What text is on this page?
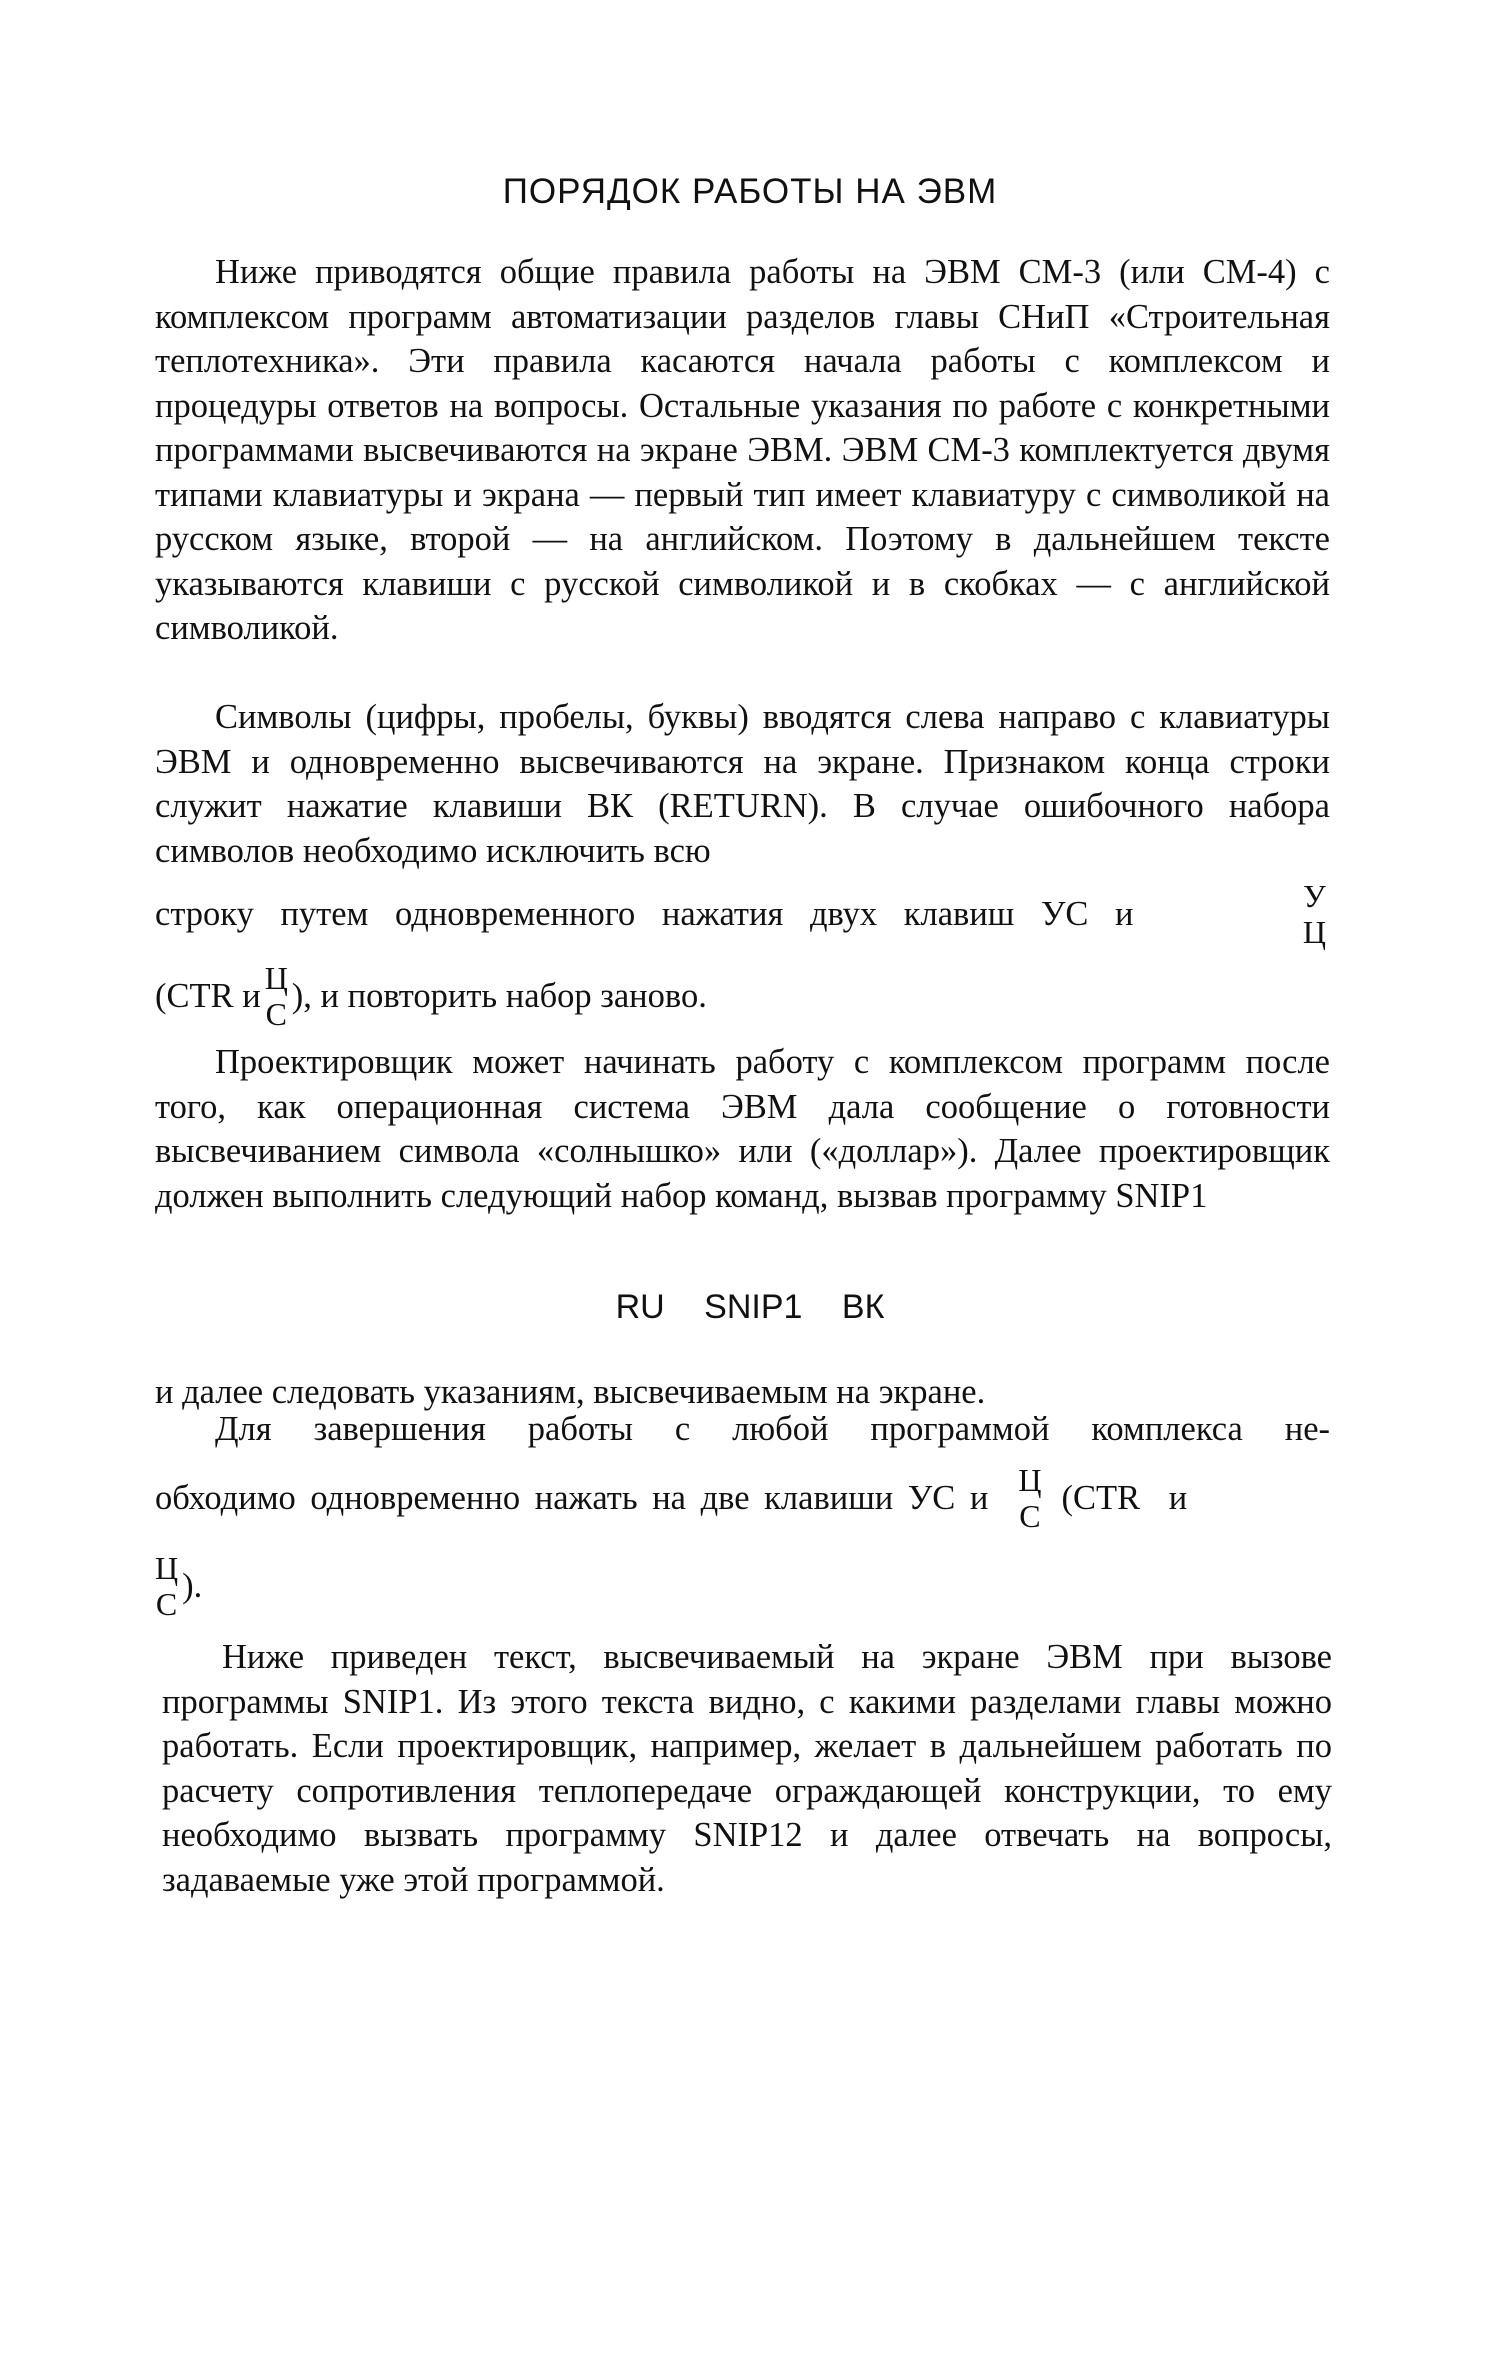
ПОРЯДОК РАБОТЫ НА ЭВМ

Ниже приводятся общие правила работы на ЭВМ СМ-3 (или СМ-4) с комплексом программ автоматизации разделов главы СНиП «Строительная теплотехника». Эти правила касаются начала работы с комплексом и процедуры ответов на вопросы. Остальные указания по работе с конкретными программами высвечиваются на экране ЭВМ. ЭВМ СМ-3 комплектуется двумя типами клавиатуры и экрана — первый тип имеет клавиатуру с символикой на русском языке, второй — на английском. Поэтому в дальнейшем тексте указываются клавиши с русской символикой и в скобках — с английской символикой.

Символы (цифры, пробелы, буквы) вводятся слева направо с клавиатуры ЭВМ и одновременно высвечиваются на экране. Признаком конца строки служит нажатие клавиши ВК (RETURN). В случае ошибочного набора символов необходимо исключить всю

строку путем одновременного нажатия двух клавиш УС и	У
Ц
(CTR и Ц
С ), и повторить набор заново.

Проектировщик может начинать работу с комплексом программ после того, как операционная система ЭВМ дала сообщение о готовности высвечиванием символа «солнышко» или («доллар»). Далее проектировщик должен выполнить следующий набор команд, вызвав программу SNIP1

RU SNIP1 ВК

и далее следовать указаниям, высвечиваемым на экране.

Для завершения работы с любой программой комплекса не-
обходимо одновременно нажать на две клавиши УС и Ц
С (CTR и
Ц
С ).

Ниже приведен текст, высвечиваемый на экране ЭВМ при вызове программы SNIP1. Из этого текста видно, с какими разделами главы можно работать. Если проектировщик, например, желает в дальнейшем работать по расчету сопротивления теплопередаче ограждающей конструкции, то ему необходимо вызвать программу SNIP12 и далее отвечать на вопросы, задаваемые уже этой программой.
